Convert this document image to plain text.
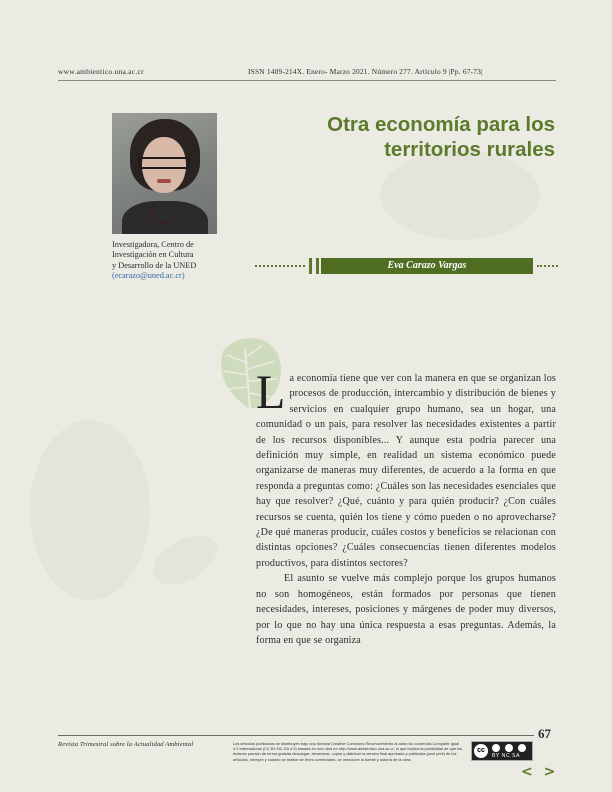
www.ambientico.una.ac.cr	ISSN 1409-214X. Enero- Marzo 2021. Número 277. Artículo 9 |Pp. 67-73|
Investigadora, Centro de
Investigación en Cultura
y Desarrollo de la UNED
(ecarazo@uned.ac.cr)
Otra economía para los
territorios rurales
Eva Carazo Vargas

La economía tiene que ver con la manera en que se organizan los procesos de producción, intercambio y distribución de bienes y servicios en cualquier grupo humano, sea un hogar, una comunidad o un país, para resolver las necesidades existentes a partir de los recursos disponibles... Y aunque esta podría parecer una definición muy simple, en realidad un sistema económico puede organizarse de maneras muy diferentes, de acuerdo a la forma en que responda a preguntas como: ¿Cuáles son las necesidades esenciales que hay que resolver? ¿Qué, cuánto y para quién producir? ¿Con cuáles recursos se cuenta, quién los tiene y cómo pueden o no aprovecharse? ¿De qué maneras producir, cuáles costos y beneficios se relacionan con distintas opciones? ¿Cuáles consecuencias tienen diferentes modelos productivos, para distintos sectores?

El asunto se vuelve más complejo porque los grupos humanos no son homogéneos, están formados por personas que tienen necesidades, intereses, posiciones y márgenes de poder muy diversos, por lo que no hay una única respuesta a esas preguntas. Además, la forma en que se organiza

67
Revista Trimestral sobre la Actualidad Ambiental	Los artículos publicados se distribuyen bajo una licencia Creative Commons Reconocimiento al autor-No comercial-Compartir igual 4.0 Internacional (CC BY-NC-SA 4.0) basada en una obra en http://www.ambientico.una.ac.cr, lo que implica la posibilidad de que los lectores puedan de forma gratuita descargar, almacenar, copiar y distribuir la versión final aprobada y publicada (post print) de los artículos, siempre y cuando se realice sin fines comerciales, se mencione la fuente y autoría de la obra.
cc
BY NC SA
< >
